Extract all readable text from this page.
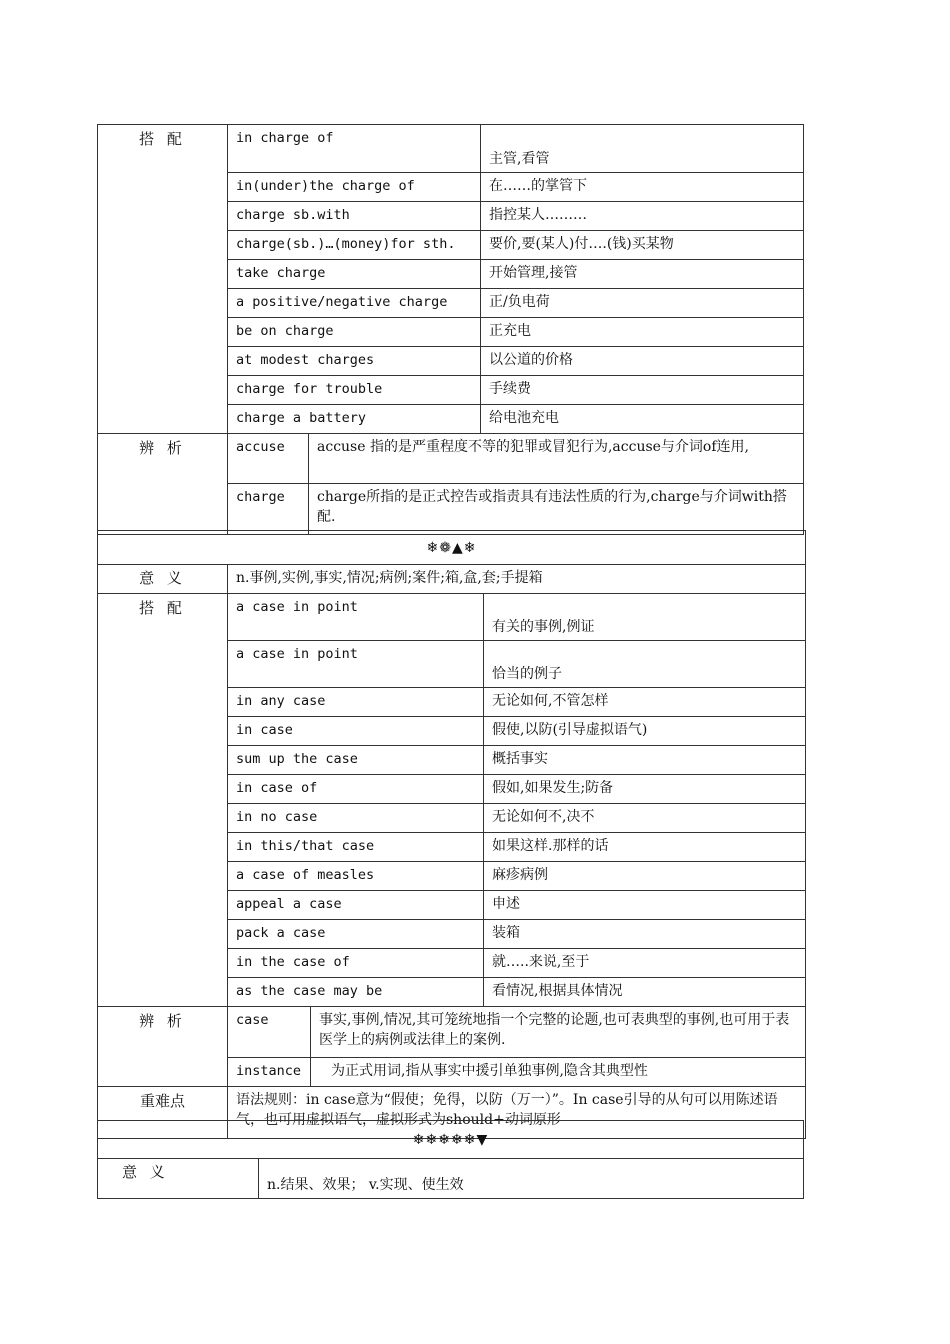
搭 配	in charge of		主管,看管
	in(under)the charge of		在……的掌管下
	charge sb.with		指控某人………
	charge(sb.)…(money)for sth.		要价,要(某人)付….(钱)买某物
	take charge		开始管理,接管
	a positive/negative charge		正/负电荷
	be on charge		正充电
	at modest charges		以公道的价格
	charge for trouble		手续费
	charge a battery		给电池充电
辨 析	accuse	accuse 指的是严重程度不等的犯罪或冒犯行为,accuse与介词of连用,	
	charge	charge所指的是正式控告或指责具有违法性质的行为,charge与介词with搭配.	
❄❁▲❄			
意 义	n.事例,实例,事实,情况;病例;案件;箱,盒,套;手提箱		
搭 配	a case in point		有关的事例,例证
	a case in point		恰当的例子
	in any case		无论如何,不管怎样
	in case		假使,以防(引导虚拟语气)
	sum up the case		概括事实
	in case of		假如,如果发生;防备
	in no case		无论如何不,决不
	in this/that case		如果这样.那样的话
	a case of measles		麻疹病例
	appeal a case		申述
	pack a case		装箱
	in the case of		就…..来说,至于
	as the case may be		看情况,根据具体情况
辨 析	case	事实,事例,情况,其可笼统地指一个完整的论题,也可表典型的事例,也可用于表医学上的病例或法律上的案例.	
	instance	为正式用词,指从事实中援引单独事例,隐含其典型性	
重难点	语法规则：in case意为“假使；免得，以防（万一）”。In case引导的从句可以用陈述语气，也可用虚拟语气，虚拟形式为should+动词原形		
❄❄❄❄❄▼
意 义	n.结果、效果； v.实现、使生效
